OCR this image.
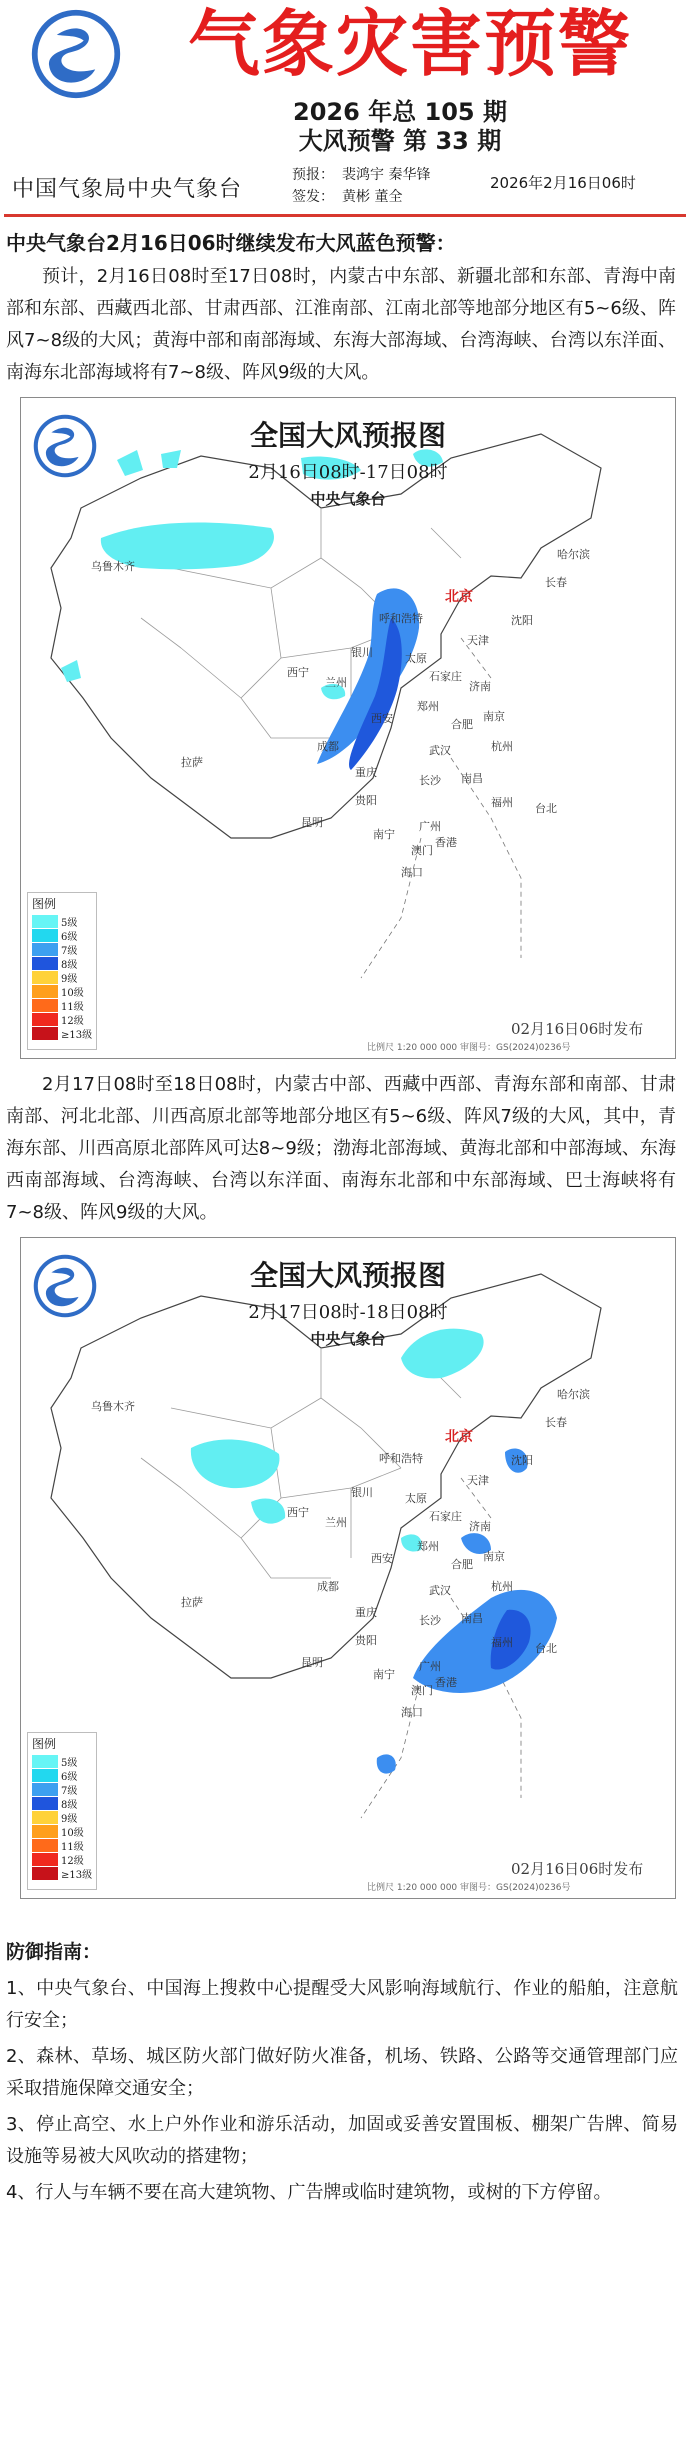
气象灾害预警
2026 年总 105 期
大风预警 第 33 期
中国气象局中央气象台
预报： 裴鸿宇 秦华锋
签发： 黄彬 董全
2026年2月16日06时
中央气象台2月16日06时继续发布大风蓝色预警：
预计，2月16日08时至17日08时，内蒙古中东部、新疆北部和东部、青海中南部和东部、西藏西北部、甘肃西部、江淮南部、江南北部等地部分地区有5~6级、阵风7~8级的大风；黄海中部和南部海域、东海大部海域、台湾海峡、台湾以东洋面、南海东北部海域将有7~8级、阵风9级的大风。
全国大风预报图
2月16日08时-17日08时
中央气象台
乌鲁木齐
哈尔滨
长春
呼和浩特
北京
沈阳
天津
银川	太原
石家庄
济南
西宁
兰州
郑州
西安	合肥
南京
拉萨
成都	武汉	杭州
重庆
长沙 南昌
福州
贵阳
台北
昆明
南宁
广州
香港
澳门
海口
图例
5级
6级
7级
8级
9级
10级
11级
12级
≥13级	02月16日06时发布
比例尺 1:20 000 000 审图号：GS(2024)0236号
2月17日08时至18日08时，内蒙古中部、西藏中西部、青海东部和南部、甘肃南部、河北北部、川西高原北部等地部分地区有5~6级、阵风7级的大风，其中，青海东部、川西高原北部阵风可达8~9级；渤海北部海域、黄海北部和中部海域、东海西南部海域、台湾海峡、台湾以东洋面、南海东北部和中东部海域、巴士海峡将有7~8级、阵风9级的大风。
全国大风预报图
2月17日08时-18日08时
中央气象台
乌鲁木齐
哈尔滨
长春
呼和浩特
北京
沈阳
天津
银川	太原
石家庄
济南
西宁
兰州
郑州
西安	合肥
南京
拉萨
成都	武汉	杭州
重庆
长沙 南昌
福州
贵阳
台北
昆明
南宁
广州
香港
澳门
海口
图例
5级
6级
7级
8级
9级
10级
11级
12级
≥13级	02月16日06时发布
比例尺 1:20 000 000 审图号：GS(2024)0236号
防御指南：
1、中央气象台、中国海上搜救中心提醒受大风影响海域航行、作业的船舶，注意航行安全；
2、森林、草场、城区防火部门做好防火准备，机场、铁路、公路等交通管理部门应采取措施保障交通安全；
3、停止高空、水上户外作业和游乐活动，加固或妥善安置围板、棚架广告牌、简易设施等易被大风吹动的搭建物；
4、行人与车辆不要在高大建筑物、广告牌或临时建筑物，或树的下方停留。
